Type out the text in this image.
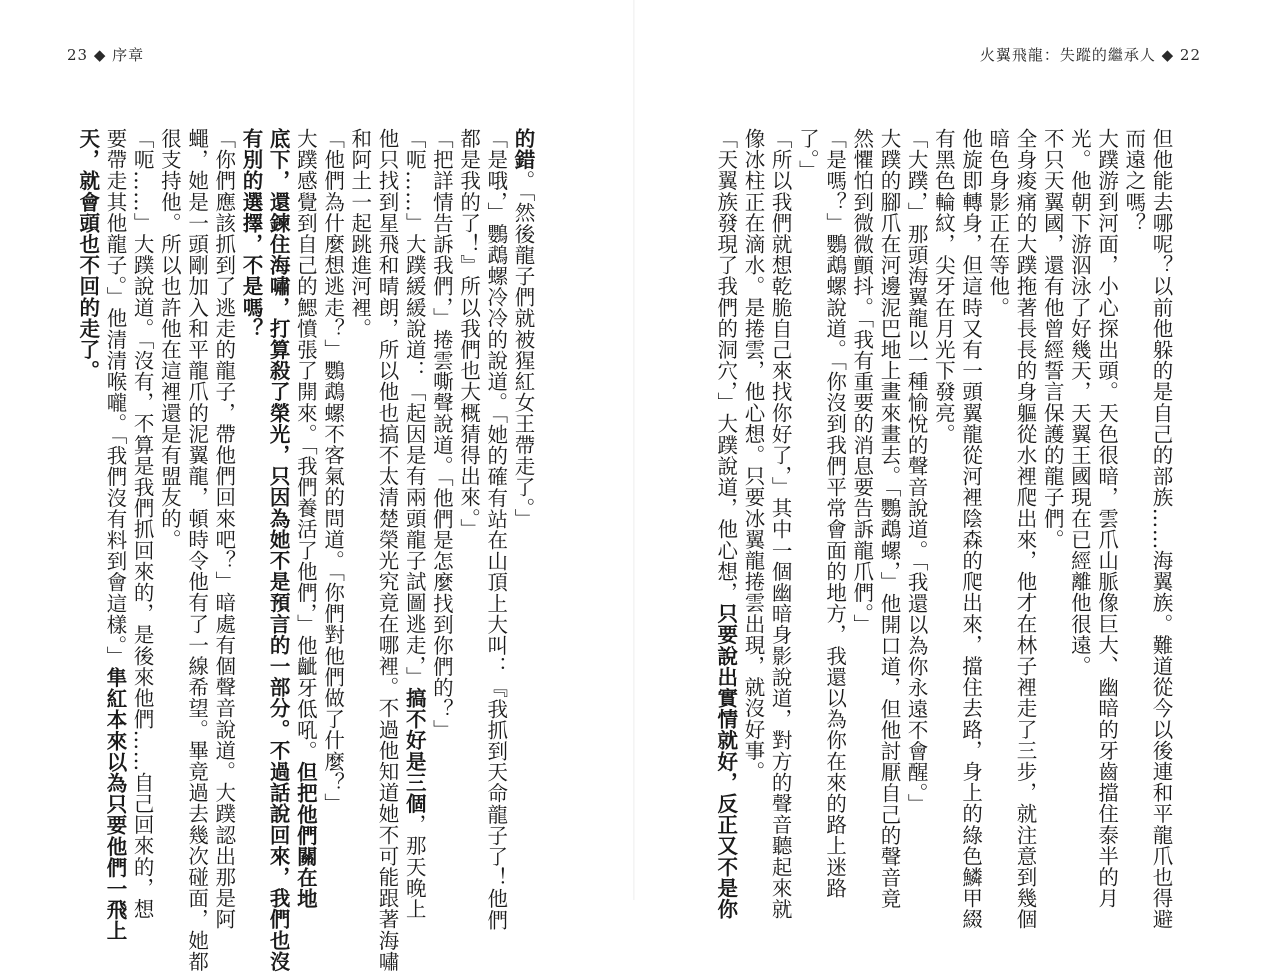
23 ◆ 序章	火翼飛龍：失蹤的繼承人 ◆ 22
的錯。「然後龍子們就被猩紅女王帶走了。」
「是哦，」鸚鵡螺冷冷的說道。「她的確有站在山頂上大叫：『我抓到天命龍子了！他們
都是我的了！』所以我們也大概猜得出來。」
「把詳情告訴我們，」捲雲嘶聲說道。「他們是怎麼找到你們的？」
「呃……」大蹼緩緩說道：「起因是有兩頭龍子試圖逃走，」搞不好是三個，那天晚上
他只找到星飛和晴朗，所以他也搞不太清楚榮光究竟在哪裡。不過他知道她不可能跟著海嘯
和阿土一起跳進河裡。
「他們為什麼想逃走？」鸚鵡螺不客氣的問道。「你們對他們做了什麼？」
大蹼感覺到自己的鰓憤張了開來。「我們養活了他們，」他齜牙低吼。但把他們關在地
底下，還鍊住海嘯，打算殺了榮光，只因為她不是預言的一部分。不過話說回來，我們也沒
有別的選擇，不是嗎？
「你們應該抓到了逃走的龍子，帶他們回來吧？」暗處有個聲音說道。大蹼認出那是阿
蠅，她是一頭剛加入和平龍爪的泥翼龍，頓時令他有了一線希望。畢竟過去幾次碰面，她都
很支持他。所以也許他在這裡還是有盟友的。
「呃……」大蹼說道。「沒有，不算是我們抓回來的，是後來他們……自己回來的，想
要帶走其他龍子。」他清清喉嚨。「我們沒有料到會這樣。」隼紅本來以為只要他們一飛上
天，就會頭也不回的走了。	但他能去哪呢？以前他躲的是自己的部族……海翼族。難道從今以後連和平龍爪也得避
而遠之嗎？
大蹼游到河面，小心探出頭。天色很暗，雲爪山脈像巨大、幽暗的牙齒擋住泰半的月
光。他朝下游泅泳了好幾天，天翼王國現在已經離他很遠。
不只天翼國，還有他曾經誓言保護的龍子們。
全身痠痛的大蹼拖著長長的身軀從水裡爬出來，他才在林子裡走了三步，就注意到幾個
暗色身影正在等他。
他旋即轉身，但這時又有一頭翼龍從河裡陰森的爬出來，擋住去路，身上的綠色鱗甲綴
有黑色輪紋，尖牙在月光下發亮。
「大蹼，」那頭海翼龍以一種愉悅的聲音說道。「我還以為你永遠不會醒。」
大蹼的腳爪在河邊泥巴地上畫來畫去。「鸚鵡螺，」他開口道，但他討厭自己的聲音竟
然懼怕到微微顫抖。「我有重要的消息要告訴龍爪們。」
「是嗎？」鸚鵡螺說道。「你沒到我們平常會面的地方，我還以為你在來的路上迷路
了。」
「所以我們就想乾脆自己來找你好了，」其中一個幽暗身影說道，對方的聲音聽起來就
像冰柱正在滴水。是捲雲，他心想。只要冰翼龍捲雲出現，就沒好事。
「天翼族發現了我們的洞穴，」大蹼說道，他心想，只要說出實情就好，反正又不是你
